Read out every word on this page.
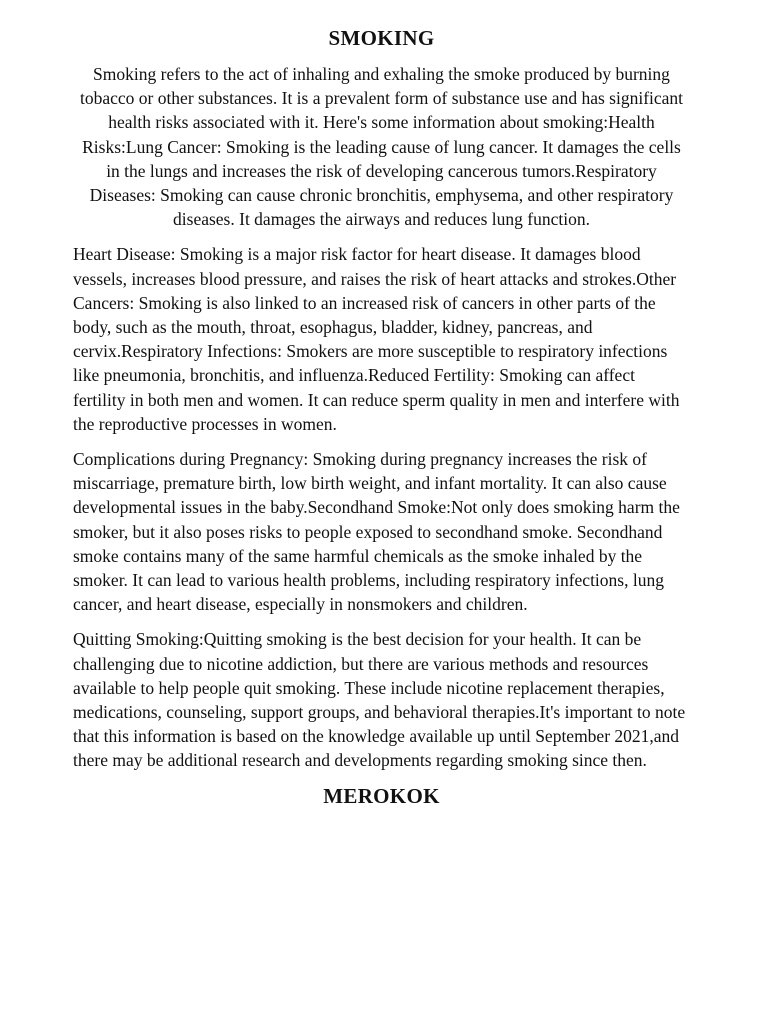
SMOKING

Smoking refers to the act of inhaling and exhaling the smoke produced by burning tobacco or other substances. It is a prevalent form of substance use and has significant health risks associated with it. Here's some information about smoking:Health Risks:Lung Cancer: Smoking is the leading cause of lung cancer. It damages the cells in the lungs and increases the risk of developing cancerous tumors.Respiratory Diseases: Smoking can cause chronic bronchitis, emphysema, and other respiratory diseases. It damages the airways and reduces lung function.

Heart Disease: Smoking is a major risk factor for heart disease. It damages blood vessels, increases blood pressure, and raises the risk of heart attacks and strokes.Other Cancers: Smoking is also linked to an increased risk of cancers in other parts of the body, such as the mouth, throat, esophagus, bladder, kidney, pancreas, and cervix.Respiratory Infections: Smokers are more susceptible to respiratory infections like pneumonia, bronchitis, and influenza.Reduced Fertility: Smoking can affect fertility in both men and women. It can reduce sperm quality in men and interfere with the reproductive processes in women.

Complications during Pregnancy: Smoking during pregnancy increases the risk of miscarriage, premature birth, low birth weight, and infant mortality. It can also cause developmental issues in the baby.Secondhand Smoke:Not only does smoking harm the smoker, but it also poses risks to people exposed to secondhand smoke. Secondhand smoke contains many of the same harmful chemicals as the smoke inhaled by the smoker. It can lead to various health problems, including respiratory infections, lung cancer, and heart disease, especially in nonsmokers and children.

Quitting Smoking:Quitting smoking is the best decision for your health. It can be challenging due to nicotine addiction, but there are various methods and resources available to help people quit smoking. These include nicotine replacement therapies, medications, counseling, support groups, and behavioral therapies.It's important to note that this information is based on the knowledge available up until September 2021,and there may be additional research and developments regarding smoking since then.

MEROKOK
